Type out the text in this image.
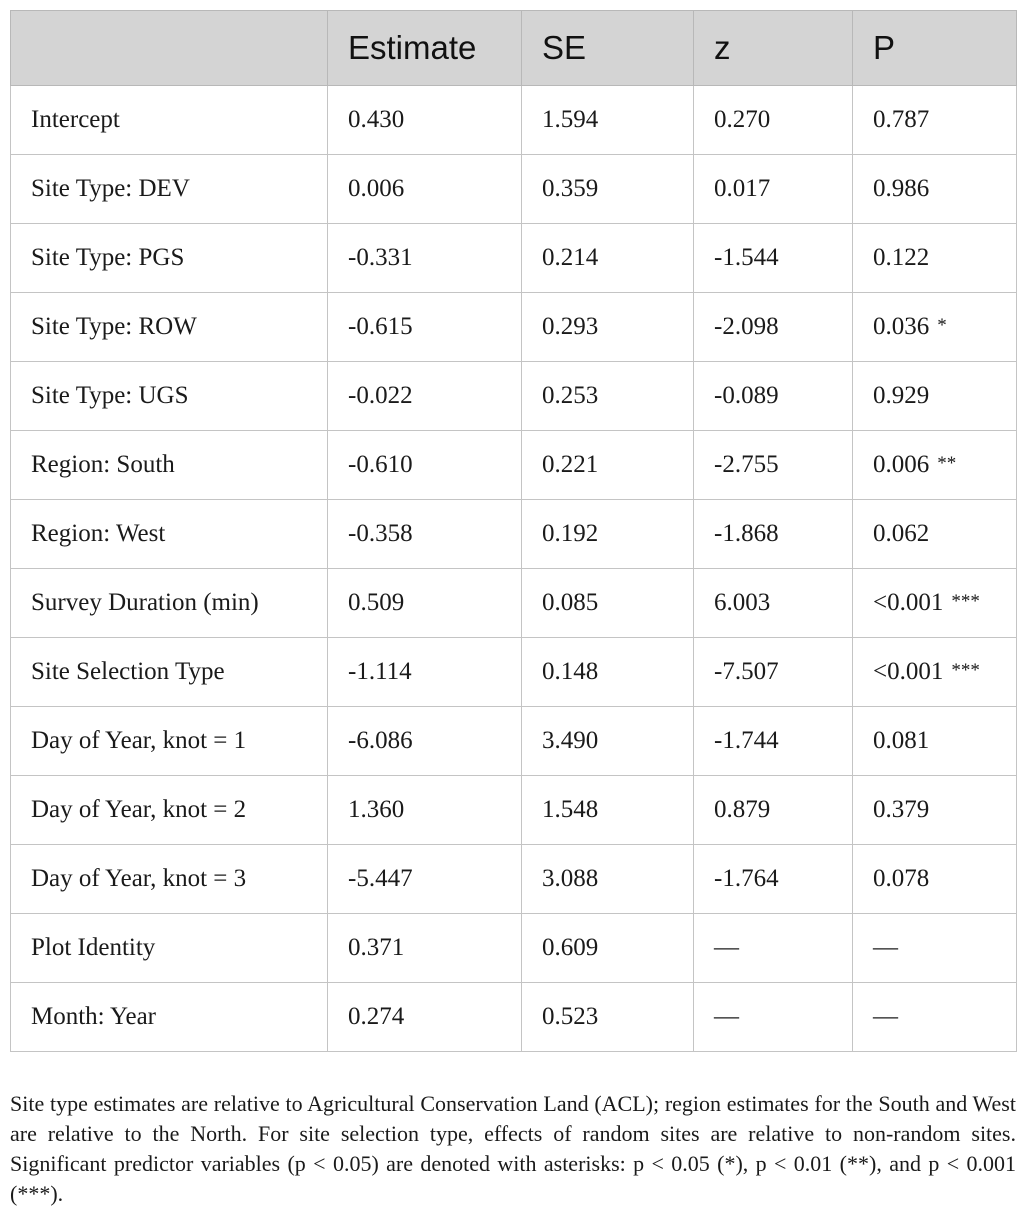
	Estimate	SE	z	P
Intercept	0.430	1.594	0.270	0.787
Site Type: DEV	0.006	0.359	0.017	0.986
Site Type: PGS	-0.331	0.214	-1.544	0.122
Site Type: ROW	-0.615	0.293	-2.098	0.036 *
Site Type: UGS	-0.022	0.253	-0.089	0.929
Region: South	-0.610	0.221	-2.755	0.006 **
Region: West	-0.358	0.192	-1.868	0.062
Survey Duration (min)	0.509	0.085	6.003	<0.001 ***
Site Selection Type	-1.114	0.148	-7.507	<0.001 ***
Day of Year, knot = 1	-6.086	3.490	-1.744	0.081
Day of Year, knot = 2	1.360	1.548	0.879	0.379
Day of Year, knot = 3	-5.447	3.088	-1.764	0.078
Plot Identity	0.371	0.609	—	—
Month: Year	0.274	0.523	—	—

Site type estimates are relative to Agricultural Conservation Land (ACL); region estimates for the South and West are relative to the North. For site selection type, effects of random sites are relative to non-random sites. Significant predictor variables (p < 0.05) are denoted with asterisks: p < 0.05 (*), p < 0.01 (**), and p < 0.001 (***).
